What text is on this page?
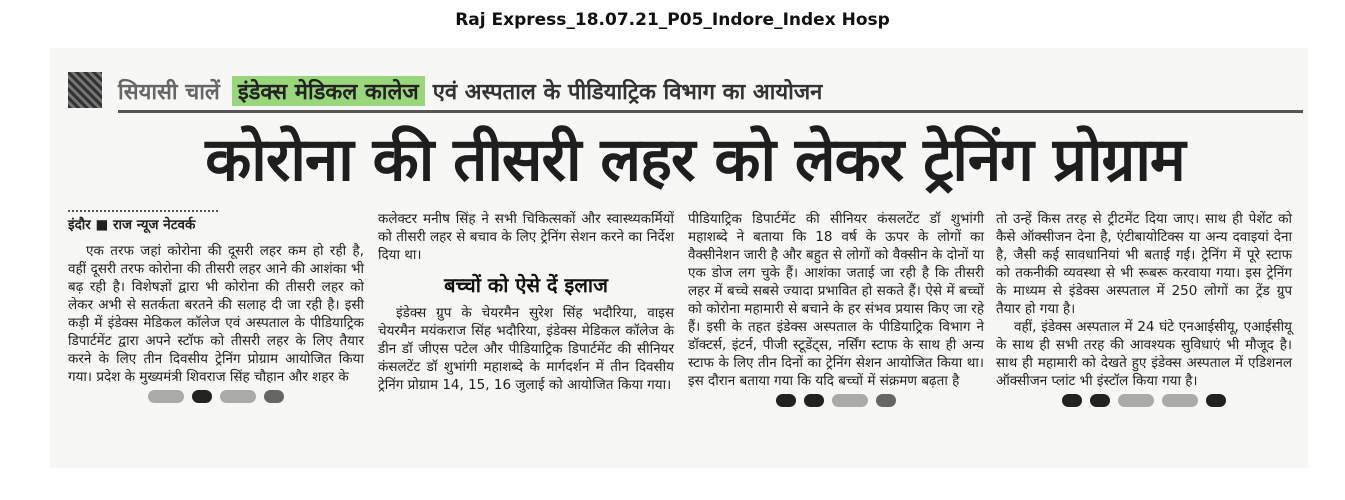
Raj Express_18.07.21_P05_Indore_Index Hosp
सियासी चालें इंडेक्स मेडिकल कालेज एवं अस्पताल के पीडियाट्रिक विभाग का आयोजन
कोरोना की तीसरी लहर को लेकर ट्रेनिंग प्रोग्राम
इंदौर ■ राज न्यूज नेटवर्क

एक तरफ जहां कोरोना की दूसरी लहर कम हो रही है, वहीं दूसरी तरफ कोरोना की तीसरी लहर आने की आशंका भी बढ़ रही है। विशेषज्ञों द्वारा भी कोरोना की तीसरी लहर को लेकर अभी से सतर्कता बरतने की सलाह दी जा रही है। इसी कड़ी में इंडेक्स मेडिकल कॉलेज एवं अस्पताल के पीडियाट्रिक डिपार्टमेंट द्वारा अपने स्टॉफ को तीसरी लहर के लिए तैयार करने के लिए तीन दिवसीय ट्रेनिंग प्रोग्राम आयोजित किया गया। प्रदेश के मुख्यमंत्री शिवराज सिंह चौहान और शहर के

कलेक्टर मनीष सिंह ने सभी चिकित्सकों और स्वास्थ्यकर्मियों को तीसरी लहर से बचाव के लिए ट्रेनिंग सेशन करने का निर्देश दिया था।

बच्चों को ऐसे दें इलाज

इंडेक्स ग्रुप के चेयरमैन सुरेश सिंह भदौरिया, वाइस चेयरमैन मयंकराज सिंह भदौरिया, इंडेक्स मेडिकल कॉलेज के डीन डॉ जीएस पटेल और पीडियाट्रिक डिपार्टमेंट की सीनियर कंसलटेंट डॉ शुभांगी महाशब्दे के मार्गदर्शन में तीन दिवसीय ट्रेनिंग प्रोग्राम 14, 15, 16 जुलाई को आयोजित किया गया।

पीडियाट्रिक डिपार्टमेंट की सीनियर कंसलटेंट डॉ शुभांगी महाशब्दे ने बताया कि 18 वर्ष के ऊपर के लोगों का वैक्सीनेशन जारी है और बहुत से लोगों को वैक्सीन के दोनों या एक डोज लग चुके हैं। आशंका जताई जा रही है कि तीसरी लहर में बच्चे सबसे ज्यादा प्रभावित हो सकते हैं। ऐसे में बच्चों को कोरोना महामारी से बचाने के हर संभव प्रयास किए जा रहे हैं। इसी के तहत इंडेक्स अस्पताल के पीडियाट्रिक विभाग ने डॉक्टर्स, इंटर्न, पीजी स्टूडेंट्स, नर्सिंग स्टाफ के साथ ही अन्य स्टाफ के लिए तीन दिनों का ट्रेनिंग सेशन आयोजित किया था। इस दौरान बताया गया कि यदि बच्चों में संक्रमण बढ़ता है

तो उन्हें किस तरह से ट्रीटमेंट दिया जाए। साथ ही पेशेंट को कैसे ऑक्सीजन देना है, एंटीबायोटिक्स या अन्य दवाइयां देना है, जैसी कई सावधानियां भी बताई गई। ट्रेनिंग में पूरे स्टाफ को तकनीकी व्यवस्था से भी रूबरू करवाया गया। इस ट्रेनिंग के माध्यम से इंडेक्स अस्पताल में 250 लोगों का ट्रेंड ग्रुप तैयार हो गया है।

वहीं, इंडेक्स अस्पताल में 24 घंटे एनआईसीयू, एआईसीयू के साथ ही सभी तरह की आवश्यक सुविधाएं भी मौजूद है। साथ ही महामारी को देखते हुए इंडेक्स अस्पताल में एडिशनल ऑक्सीजन प्लांट भी इंस्टॉल किया गया है।
